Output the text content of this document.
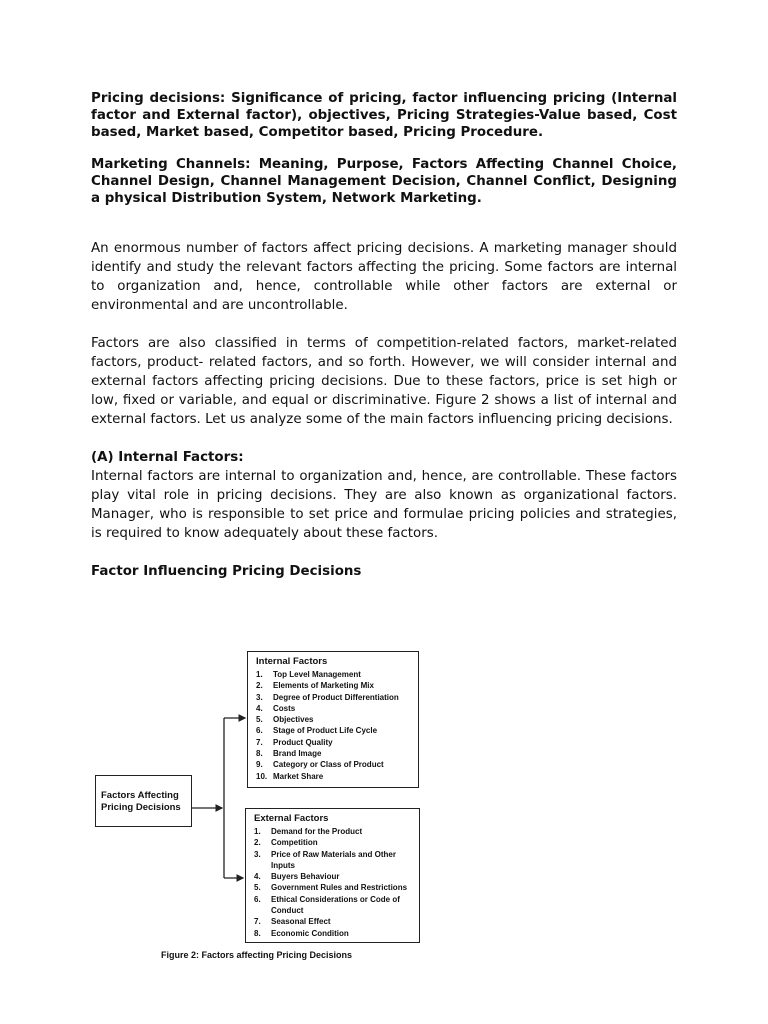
Pricing decisions: Significance of pricing, factor influencing pricing (Internal factor and External factor), objectives, Pricing Strategies-Value based, Cost based, Market based, Competitor based, Pricing Procedure.

Marketing Channels: Meaning, Purpose, Factors Affecting Channel Choice, Channel Design, Channel Management Decision, Channel Conflict, Designing a physical Distribution System, Network Marketing.

An enormous number of factors affect pricing decisions. A marketing manager should identify and study the relevant factors affecting the pricing. Some factors are internal to organization and, hence, controllable while other factors are external or environmental and are uncontrollable.

Factors are also classified in terms of competition-related factors, market-related factors, product- related factors, and so forth. However, we will consider internal and external factors affecting pricing decisions. Due to these factors, price is set high or low, fixed or variable, and equal or discriminative. Figure 2 shows a list of internal and external factors. Let us analyze some of the main factors influencing pricing decisions.

(A) Internal Factors:

Internal factors are internal to organization and, hence, are controllable. These factors play vital role in pricing decisions. They are also known as organizational factors. Manager, who is responsible to set price and formulae pricing policies and strategies, is required to know adequately about these factors.

Factor Influencing Pricing Decisions

Factors Affecting
Pricing Decisions
Internal Factors
1. Top Level Management
2. Elements of Marketing Mix
3. Degree of Product Differentiation
4. Costs
5. Objectives
6. Stage of Product Life Cycle
7. Product Quality
8. Brand Image
9. Category or Class of Product
10. Market Share
External Factors
1. Demand for the Product
2. Competition
3. Price of Raw Materials and Other
Inputs
4. Buyers Behaviour
5. Government Rules and Restrictions
6. Ethical Considerations or Code of
Conduct
7. Seasonal Effect
8. Economic Condition
Figure 2: Factors affecting Pricing Decisions
